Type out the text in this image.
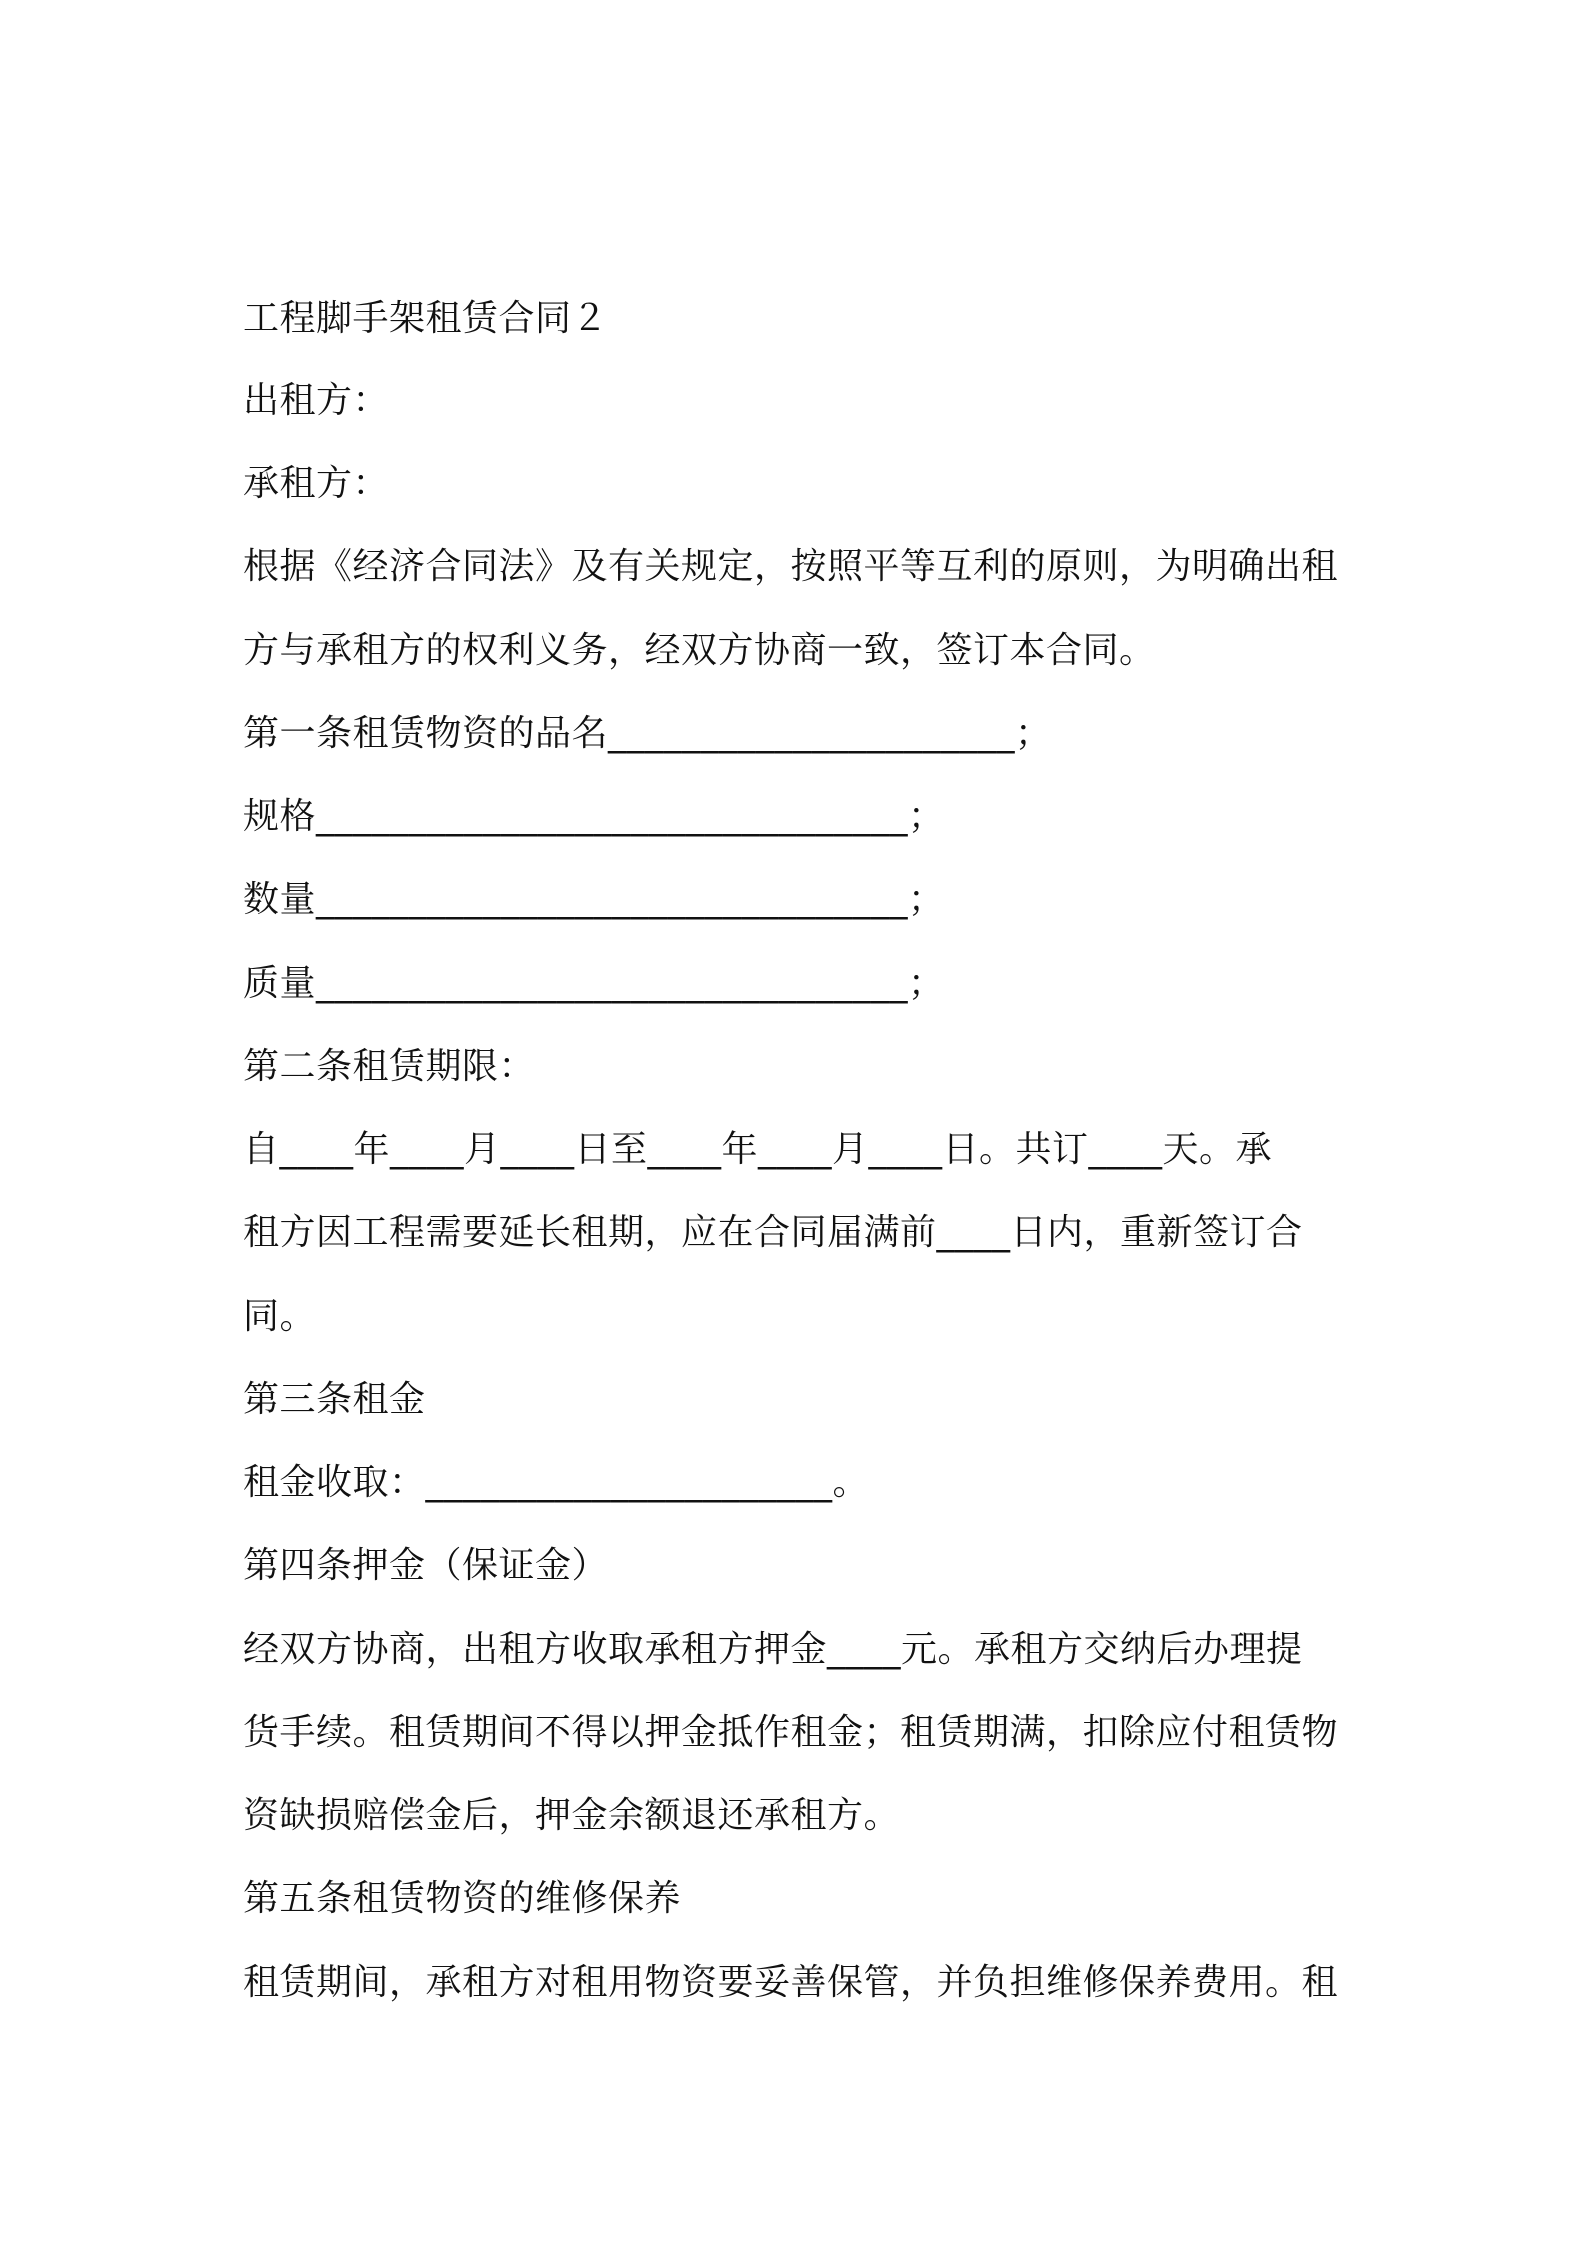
工程脚手架租赁合同２
出租方：
承租方：
根据《经济合同法》及有关规定，按照平等互利的原则，为明确出租
方与承租方的权利义务，经双方协商一致，签订本合同。
第一条租赁物资的品名______________________；
规格________________________________；
数量________________________________；
质量________________________________；
第二条租赁期限：
自____年____月____日至____年____月____日。共订____天。承
租方因工程需要延长租期，应在合同届满前____日内，重新签订合
同。
第三条租金
租金收取：______________________。
第四条押金（保证金）
经双方协商，出租方收取承租方押金____元。承租方交纳后办理提
货手续。租赁期间不得以押金抵作租金；租赁期满，扣除应付租赁物
资缺损赔偿金后，押金余额退还承租方。
第五条租赁物资的维修保养
租赁期间，承租方对租用物资要妥善保管，并负担维修保养费用。租
